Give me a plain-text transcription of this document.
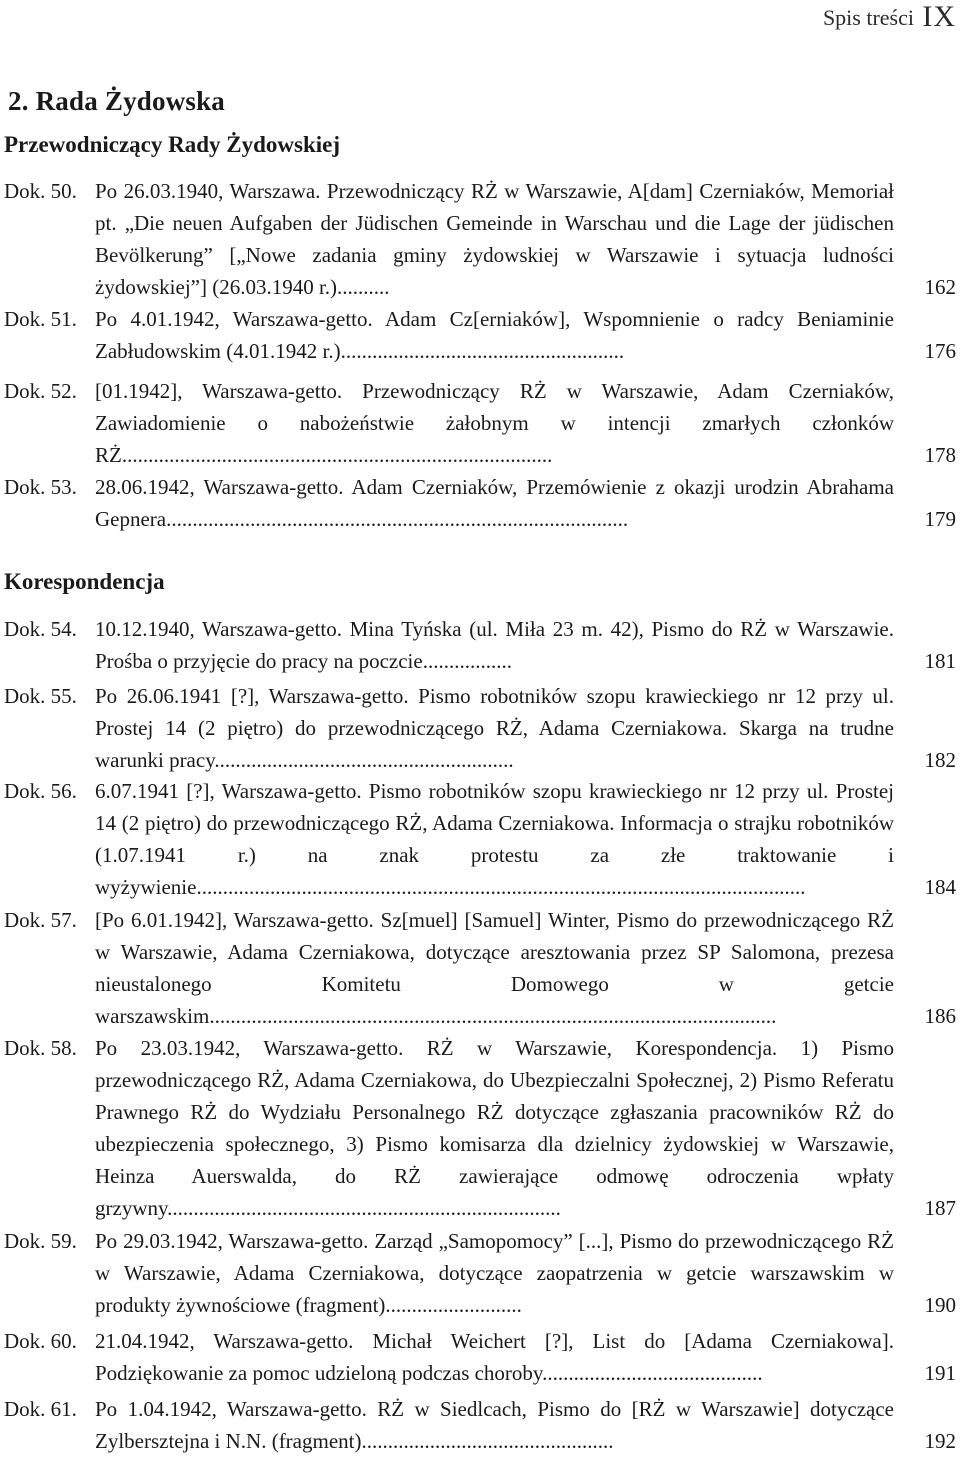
Spis treści IX
2. Rada Żydowska
Przewodniczący Rady Żydowskiej
Dok. 50. Po 26.03.1940, Warszawa. Przewodniczący RŻ w Warszawie, A[dam] Czerniaków, Memoriał pt. „Die neuen Aufgaben der Jüdischen Gemeinde in Warschau und die Lage der jüdischen Bevölkerung” [„Nowe zadania gminy żydowskiej w Warszawie i sytuacja ludności żydowskiej”] (26.03.1940 r.)..........	162
Dok. 51. Po 4.01.1942, Warszawa-getto. Adam Cz[erniaków], Wspomnienie o radcy Beniaminie Zabłudowskim (4.01.1942 r.)......................................................	176
Dok. 52. [01.1942], Warszawa-getto. Przewodniczący RŻ w Warszawie, Adam Czerniaków, Zawiadomienie o nabożeństwie żałobnym w intencji zmarłych członków RŻ..................................................................................	178
Dok. 53. 28.06.1942, Warszawa-getto. Adam Czerniaków, Przemówienie z okazji urodzin Abrahama Gepnera........................................................................................	179
Korespondencja
Dok. 54. 10.12.1940, Warszawa-getto. Mina Tyńska (ul. Miła 23 m. 42), Pismo do RŻ w Warszawie. Prośba o przyjęcie do pracy na poczcie.................	181
Dok. 55. Po 26.06.1941 [?], Warszawa-getto. Pismo robotników szopu krawieckiego nr 12 przy ul. Prostej 14 (2 piętro) do przewodniczącego RŻ, Adama Czerniakowa. Skarga na trudne warunki pracy.........................................................	182
Dok. 56. 6.07.1941 [?], Warszawa-getto. Pismo robotników szopu krawieckiego nr 12 przy ul. Prostej 14 (2 piętro) do przewodniczącego RŻ, Adama Czerniakowa. Informacja o strajku robotników (1.07.1941 r.) na znak protestu za złe traktowanie i wyżywienie....................................................................................................................	184
Dok. 57. [Po 6.01.1942], Warszawa-getto. Sz[muel] [Samuel] Winter, Pismo do przewodniczącego RŻ w Warszawie, Adama Czerniakowa, dotyczące aresztowania przez SP Salomona, prezesa nieustalonego Komitetu Domowego w getcie warszawskim............................................................................................................	186
Dok. 58. Po 23.03.1942, Warszawa-getto. RŻ w Warszawie, Korespondencja. 1) Pismo przewodniczącego RŻ, Adama Czerniakowa, do Ubezpieczalni Społecznej, 2) Pismo Referatu Prawnego RŻ do Wydziału Personalnego RŻ dotyczące zgłaszania pracowników RŻ do ubezpieczenia społecznego, 3) Pismo komisarza dla dzielnicy żydowskiej w Warszawie, Heinza Auerswalda, do RŻ zawierające odmowę odroczenia wpłaty grzywny...........................................................................	187
Dok. 59. Po 29.03.1942, Warszawa-getto. Zarząd „Samopomocy” [...], Pismo do przewodniczącego RŻ w Warszawie, Adama Czerniakowa, dotyczące zaopatrzenia w getcie warszawskim w produkty żywnościowe (fragment)..........................	190
Dok. 60. 21.04.1942, Warszawa-getto. Michał Weichert [?], List do [Adama Czerniakowa]. Podziękowanie za pomoc udzieloną podczas choroby..........................................	191
Dok. 61. Po 1.04.1942, Warszawa-getto. RŻ w Siedlcach, Pismo do [RŻ w Warszawie] dotyczące Zylbersztejna i N.N. (fragment)................................................	192
